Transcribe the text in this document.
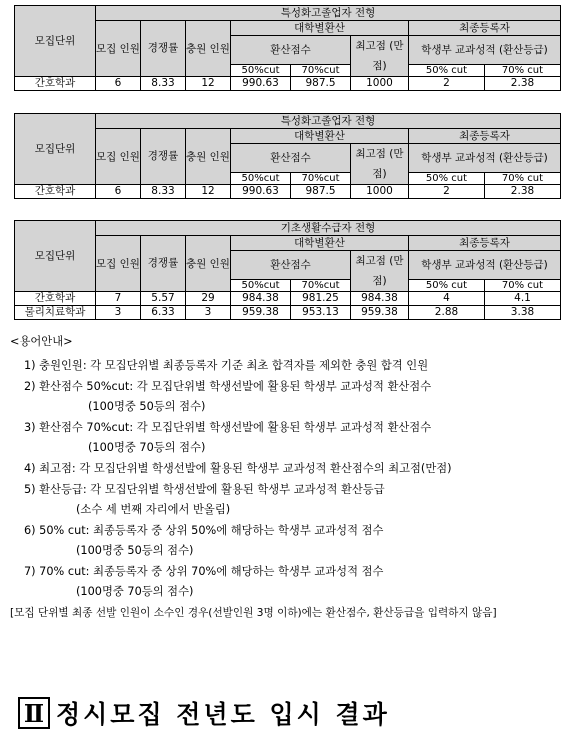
모집단위	특성화고졸업자 전형							
	모집 인원	경쟁률	충원 인원	대학별환산			최종등록자	
				환산점수		최고점 (만점)	학생부 교과성적 (환산등급)	
				50%cut	70%cut		50% cut	70% cut
간호학과	6	8.33	12	990.63	987.5	1000	2	2.38
모집단위	특성화고졸업자 전형							
	모집 인원	경쟁률	충원 인원	대학별환산			최종등록자	
				환산점수		최고점 (만점)	학생부 교과성적 (환산등급)	
				50%cut	70%cut		50% cut	70% cut
간호학과	6	8.33	12	990.63	987.5	1000	2	2.38
모집단위	기초생활수급자 전형							
	모집 인원	경쟁률	충원 인원	대학별환산			최종등록자	
				환산점수		최고점 (만점)	학생부 교과성적 (환산등급)	
				50%cut	70%cut		50% cut	70% cut
간호학과	7	5.57	29	984.38	981.25	984.38	4	4.1
물리치료학과	3	6.33	3	959.38	953.13	959.38	2.88	3.38
<용어안내>
1) 충원인원: 각 모집단위별 최종등록자 기준 최초 합격자를 제외한 충원 합격 인원
2) 환산점수 50%cut: 각 모집단위별 학생선발에 활용된 학생부 교과성적 환산점수
(100명중 50등의 점수)
3) 환산점수 70%cut: 각 모집단위별 학생선발에 활용된 학생부 교과성적 환산점수
(100명중 70등의 점수)
4) 최고점: 각 모집단위별 학생선발에 활용된 학생부 교과성적 환산점수의 최고점(만점)
5) 환산등급: 각 모집단위별 학생선발에 활용된 학생부 교과성적 환산등급
(소수 세 번째 자리에서 반올림)
6) 50% cut: 최종등록자 중 상위 50%에 해당하는 학생부 교과성적 점수
(100명중 50등의 점수)
7) 70% cut: 최종등록자 중 상위 70%에 해당하는 학생부 교과성적 점수
(100명중 70등의 점수)
[모집 단위별 최종 선발 인원이 소수인 경우(선발인원 3명 이하)에는 환산점수, 환산등급을 입력하지 않음]
Ⅱ 정시모집 전년도 입시 결과
